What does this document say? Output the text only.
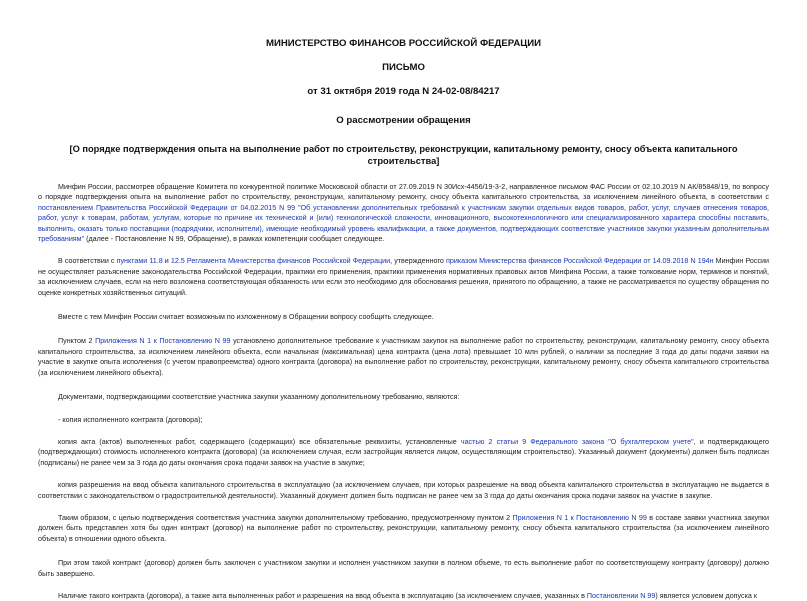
МИНИСТЕРСТВО ФИНАНСОВ РОССИЙСКОЙ ФЕДЕРАЦИИ

ПИСЬМО

от 31 октября 2019 года N 24-02-08/84217

О рассмотрении обращения

[О порядке подтверждения опыта на выполнение работ по строительству, реконструкции, капитальному ремонту, сносу объекта капитального строительства]

Минфин России, рассмотрев обращение Комитета по конкурентной политике Московской области от 27.09.2019 N 30Исх-4456/19-3-2, направленное письмом ФАС России от 02.10.2019 N АК/85848/19, по вопросу о порядке подтверждения опыта на выполнение работ по строительству, реконструкции, капитальному ремонту, сносу объекта капитального строительства, за исключением линейного объекта, в соответствии с постановлением Правительства Российской Федерации от 04.02.2015 N 99 "Об установлении дополнительных требований к участникам закупки отдельных видов товаров, работ, услуг, случаев отнесения товаров, работ, услуг к товарам, работам, услугам, которые по причине их технической и (или) технологической сложности, инновационного, высокотехнологичного или специализированного характера способны поставить, выполнить, оказать только поставщики (подрядчики, исполнители), имеющие необходимый уровень квалификации, а также документов, подтверждающих соответствие участников закупки указанным дополнительным требованиям" (далее - Постановление N 99, Обращение), в рамках компетенции сообщает следующее.

В соответствии с пунктами 11.8 и 12.5 Регламента Министерства финансов Российской Федерации, утвержденного приказом Министерства финансов Российской Федерации от 14.09.2018 N 194н Минфин России не осуществляет разъяснение законодательства Российской Федерации, практики его применения, практики применения нормативных правовых актов Минфина России, а также толкование норм, терминов и понятий, за исключением случаев, если на него возложена соответствующая обязанность или если это необходимо для обоснования решения, принятого по обращению, а также не рассматривается по существу обращения по оценке конкретных хозяйственных ситуаций.

Вместе с тем Минфин России считает возможным по изложенному в Обращении вопросу сообщить следующее.

Пунктом 2 Приложения N 1 к Постановлению N 99 установлено дополнительное требование к участникам закупок на выполнение работ по строительству, реконструкции, капитальному ремонту, сносу объекта капитального строительства, за исключением линейного объекта, если начальная (максимальная) цена контракта (цена лота) превышает 10 млн рублей, о наличии за последние 3 года до даты подачи заявки на участие в закупке опыта исполнения (с учетом правопреемства) одного контракта (договора) на выполнение работ по строительству, реконструкции, капитальному ремонту, сносу объекта капитального строительства (за исключением линейного объекта).

Документами, подтверждающими соответствие участника закупки указанному дополнительному требованию, являются:

- копия исполненного контракта (договора);

копия акта (актов) выполненных работ, содержащего (содержащих) все обязательные реквизиты, установленные частью 2 статьи 9 Федерального закона "О бухгалтерском учете", и подтверждающего (подтверждающих) стоимость исполненного контракта (договора) (за исключением случая, если застройщик является лицом, осуществляющим строительство). Указанный документ (документы) должен быть подписан (подписаны) не ранее чем за 3 года до даты окончания срока подачи заявок на участие в закупке;

копия разрешения на ввод объекта капитального строительства в эксплуатацию (за исключением случаев, при которых разрешение на ввод объекта капитального строительства в эксплуатацию не выдается в соответствии с законодательством о градостроительной деятельности). Указанный документ должен быть подписан не ранее чем за 3 года до даты окончания срока подачи заявок на участие в закупке.

Таким образом, с целью подтверждения соответствия участника закупки дополнительному требованию, предусмотренному пунктом 2 Приложения N 1 к Постановлению N 99 в составе заявки участника закупки должен быть представлен хотя бы один контракт (договор) на выполнение работ по строительству, реконструкции, капитальному ремонту, сносу объекта капитального строительства (за исключением линейного объекта) в отношении одного объекта.

При этом такой контракт (договор) должен быть заключен с участником закупки и исполнен участником закупки в полном объеме, то есть выполнение работ по соответствующему контракту (договору) должно быть завершено.

Наличие такого контракта (договора), а также акта выполненных работ и разрешения на ввод объекта в эксплуатацию (за исключением случаев, указанных в Постановлении N 99) является условием допуска к
